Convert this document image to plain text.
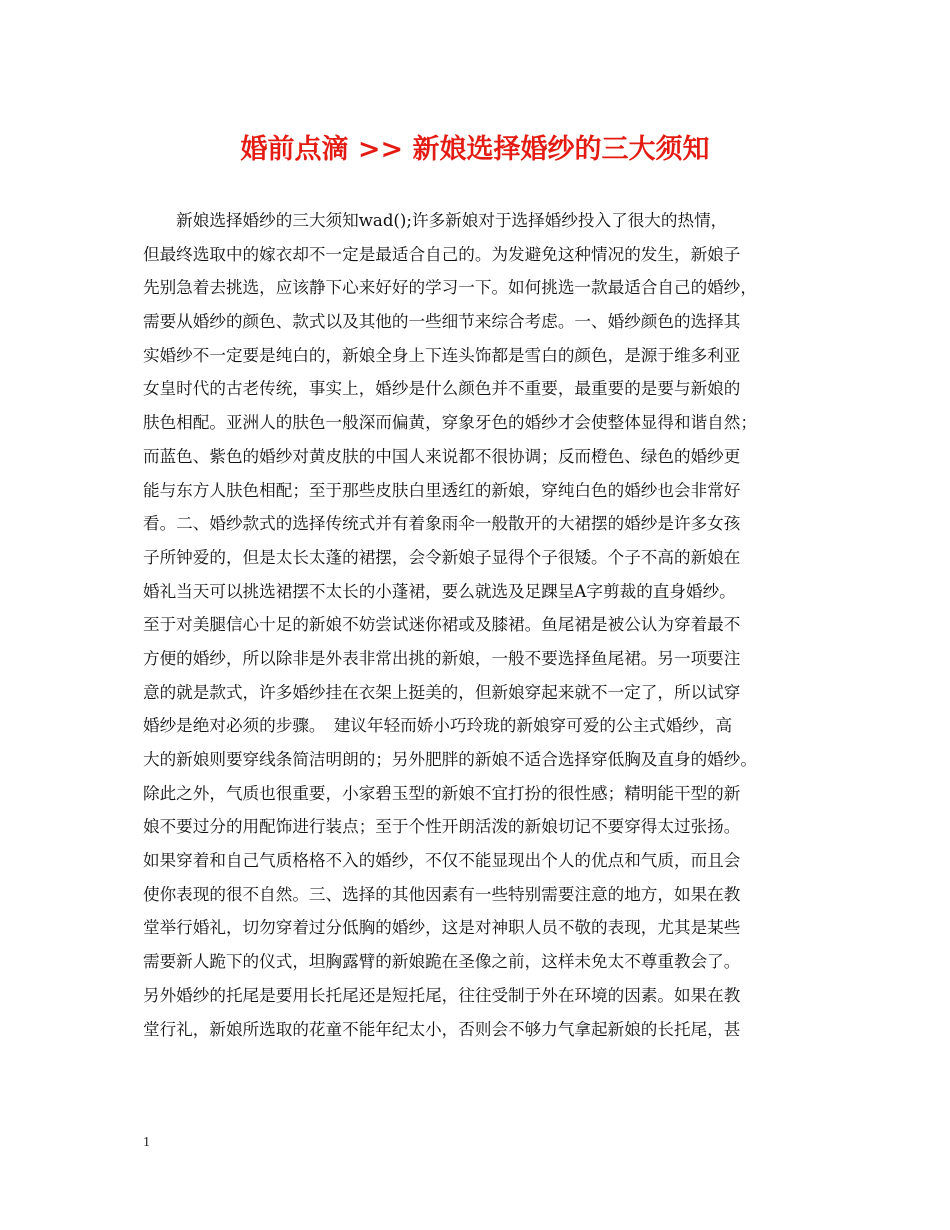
婚前点滴 >> 新娘选择婚纱的三大须知
　　新娘选择婚纱的三大须知wad();许多新娘对于选择婚纱投入了很大的热情，
但最终选取中的嫁衣却不一定是最适合自己的。为发避免这种情况的发生，新娘子
先别急着去挑选，应该静下心来好好的学习一下。如何挑选一款最适合自己的婚纱，
需要从婚纱的颜色、款式以及其他的一些细节来综合考虑。一、婚纱颜色的选择其
实婚纱不一定要是纯白的，新娘全身上下连头饰都是雪白的颜色，是源于维多利亚
女皇时代的古老传统，事实上，婚纱是什么颜色并不重要，最重要的是要与新娘的
肤色相配。亚洲人的肤色一般深而偏黄，穿象牙色的婚纱才会使整体显得和谐自然；
而蓝色、紫色的婚纱对黄皮肤的中国人来说都不很协调；反而橙色、绿色的婚纱更
能与东方人肤色相配；至于那些皮肤白里透红的新娘，穿纯白色的婚纱也会非常好
看。二、婚纱款式的选择传统式并有着象雨伞一般散开的大裙摆的婚纱是许多女孩
子所钟爱的，但是太长太蓬的裙摆，会令新娘子显得个子很矮。个子不高的新娘在
婚礼当天可以挑选裙摆不太长的小蓬裙，要么就选及足踝呈A字剪裁的直身婚纱。
至于对美腿信心十足的新娘不妨尝试迷你裙或及膝裙。鱼尾裙是被公认为穿着最不
方便的婚纱，所以除非是外表非常出挑的新娘，一般不要选择鱼尾裙。另一项要注
意的就是款式，许多婚纱挂在衣架上挺美的，但新娘穿起来就不一定了，所以试穿
婚纱是绝对必须的步骤。　建议年轻而娇小巧玲珑的新娘穿可爱的公主式婚纱，高
大的新娘则要穿线条简洁明朗的；另外肥胖的新娘不适合选择穿低胸及直身的婚纱。
除此之外，气质也很重要，小家碧玉型的新娘不宜打扮的很性感；精明能干型的新
娘不要过分的用配饰进行装点；至于个性开朗活泼的新娘切记不要穿得太过张扬。
如果穿着和自己气质格格不入的婚纱，不仅不能显现出个人的优点和气质，而且会
使你表现的很不自然。三、选择的其他因素有一些特别需要注意的地方，如果在教
堂举行婚礼，切勿穿着过分低胸的婚纱，这是对神职人员不敬的表现，尤其是某些
需要新人跪下的仪式，坦胸露臂的新娘跪在圣像之前，这样未免太不尊重教会了。
另外婚纱的托尾是要用长托尾还是短托尾，往往受制于外在环境的因素。如果在教
堂行礼，新娘所选取的花童不能年纪太小，否则会不够力气拿起新娘的长托尾，甚
1
